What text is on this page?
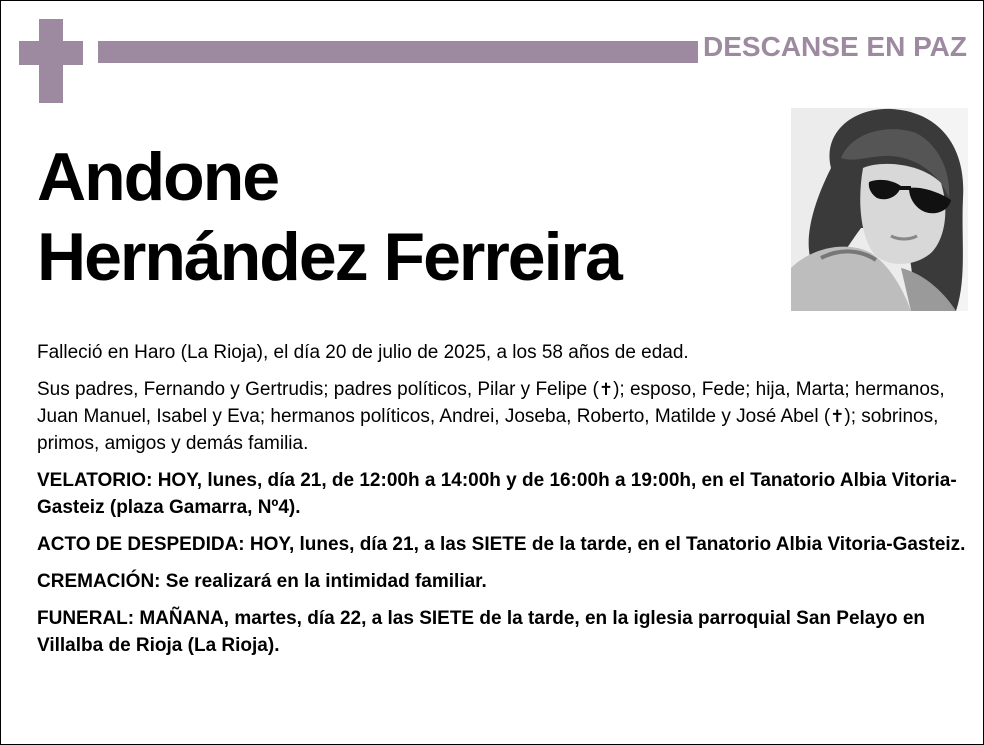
DESCANSE EN PAZ
Andone
Hernández Ferreira

Falleció en Haro (La Rioja), el día 20 de julio de 2025, a los 58 años de edad.

Sus padres, Fernando y Gertrudis; padres políticos, Pilar y Felipe (✝); esposo, Fede; hija, Marta; hermanos, Juan Manuel, Isabel y Eva; hermanos políticos, Andrei, Joseba, Roberto, Matilde y José Abel (✝); sobrinos, primos, amigos y demás familia.

VELATORIO: HOY, lunes, día 21, de 12:00h a 14:00h y de 16:00h a 19:00h, en el Tanatorio Albia Vitoria-Gasteiz (plaza Gamarra, Nº4).

ACTO DE DESPEDIDA: HOY, lunes, día 21, a las SIETE de la tarde, en el Tanatorio Albia Vitoria-Gasteiz.

CREMACIÓN: Se realizará en la intimidad familiar.

FUNERAL: MAÑANA, martes, día 22, a las SIETE de la tarde, en la iglesia parroquial San Pelayo en Villalba de Rioja (La Rioja).
